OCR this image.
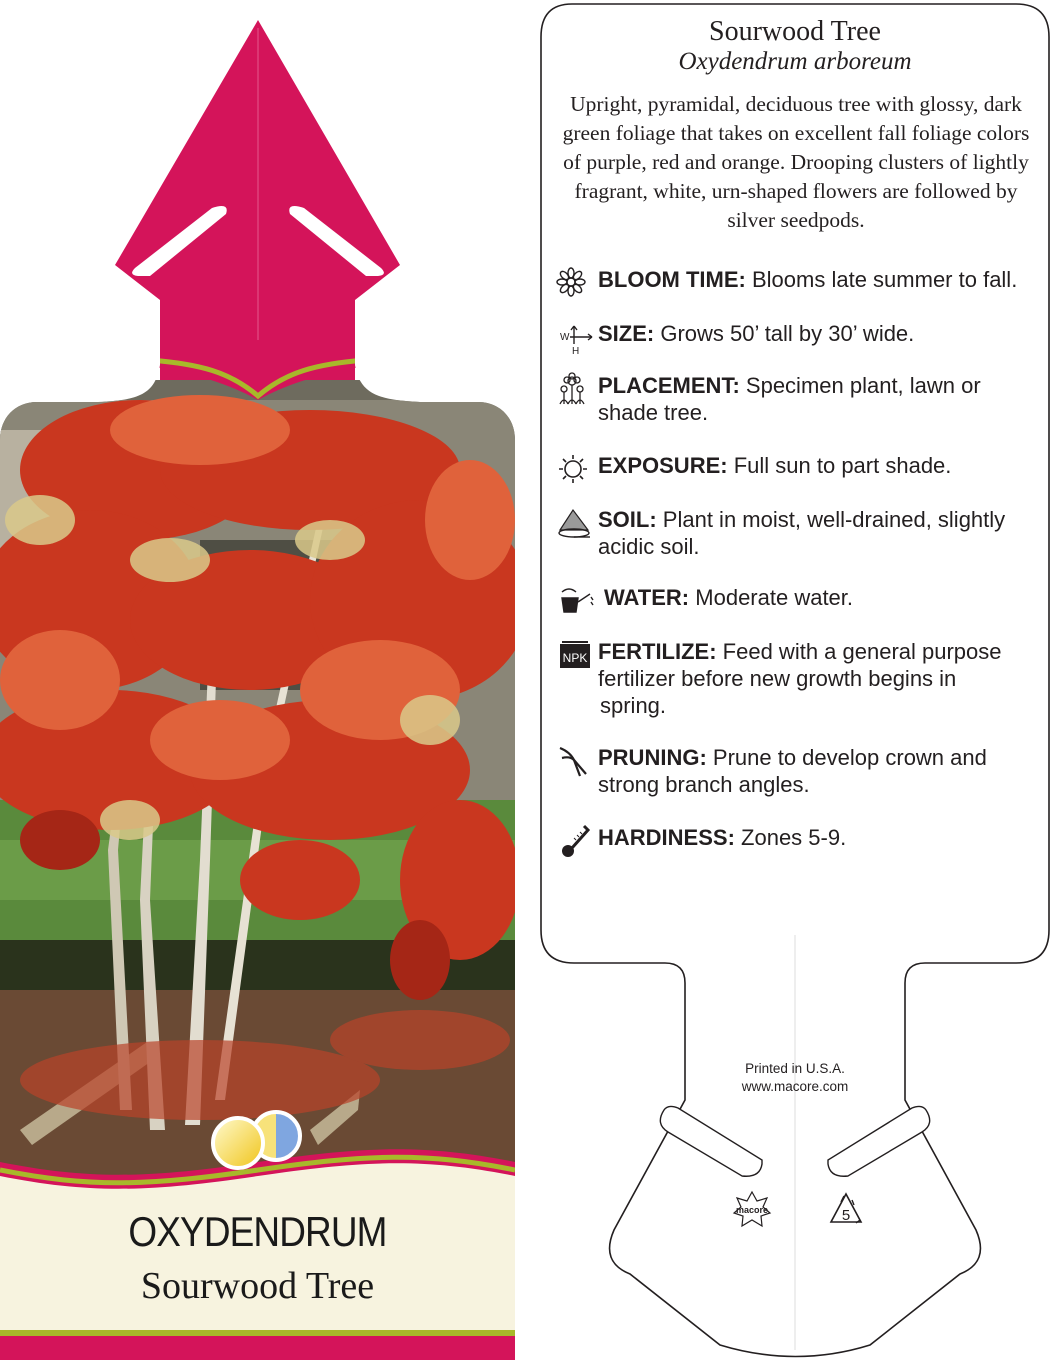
macore	5
OXYDENDRUM
Sourwood Tree
Sourwood Tree
Oxydendrum arboreum
Upright, pyramidal, deciduous tree with glossy, dark green foliage that takes on excellent fall foliage colors of purple, red and orange. Drooping clusters of lightly fragrant, white, urn-shaped flowers are followed by silver seedpods.
BLOOM TIME: Blooms late summer to fall.
W
H
SIZE: Grows 50’ tall by 30’ wide.
PLACEMENT: Specimen plant, lawn or
shade tree.
EXPOSURE: Full sun to part shade.
SOIL: Plant in moist, well-drained, slightly
acidic soil.
WATER: Moderate water.
NPK FERTILIZE: Feed with a general purpose
fertilizer before new growth begins in spring.
PRUNING: Prune to develop crown and
strong branch angles.
HARDINESS: Zones 5-9.
Printed in U.S.A.
www.macore.com
